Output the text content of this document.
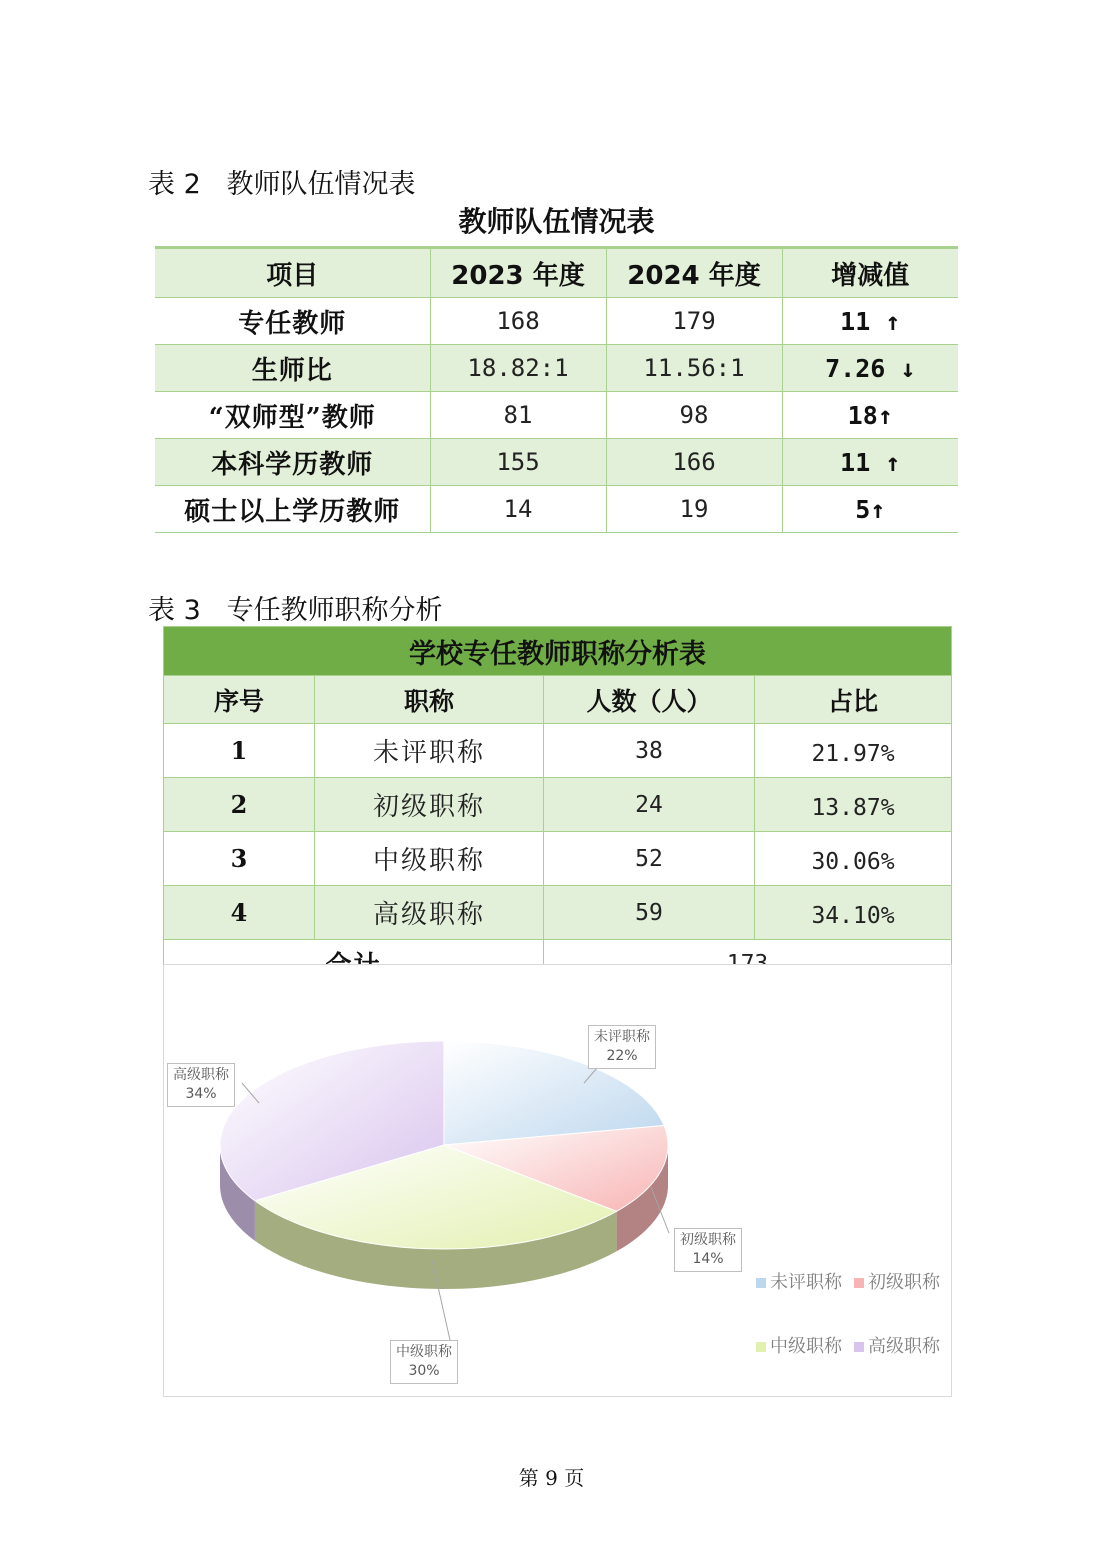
表 2   教师队伍情况表
教师队伍情况表
项目	2023 年度	2024 年度	增减值
专任教师	168	179	11 ↑
生师比	18.82:1	11.56:1	7.26 ↓
“双师型”教师	81	98	18↑
本科学历教师	155	166	11 ↑
硕士以上学历教师	14	19	5↑
表 3   专任教师职称分析
学校专任教师职称分析表			
序号	职称	人数（人）	占比
1	未评职称	38	21.97%
2	初级职称	24	13.87%
3	中级职称	52	30.06%
4	高级职称	59	34.10%

未评职称
22%
初级职称
14%
中级职称
30%
高级职称
34%
未评职称	初级职称
中级职称	高级职称
第 9 页
